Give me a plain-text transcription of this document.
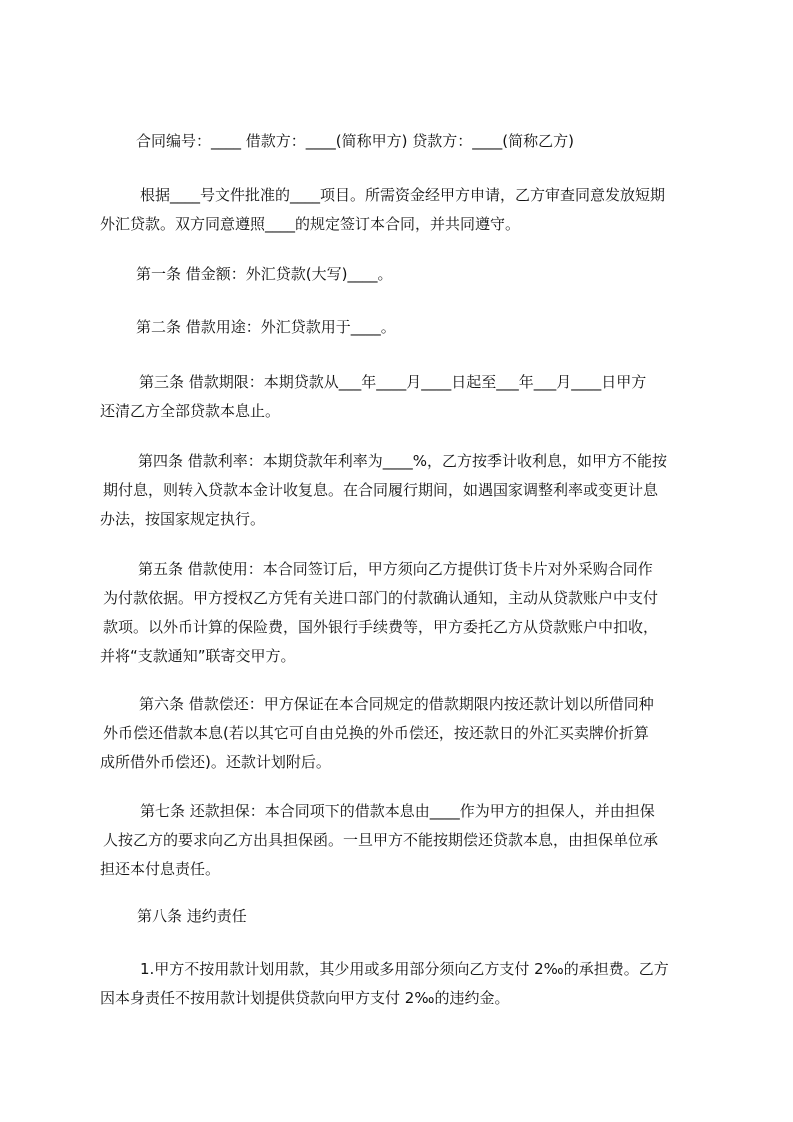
合同编号：____ 借款方：____(简称甲方) 贷款方：____(简称乙方)
根据____号文件批准的____项目。所需资金经甲方申请，乙方审查同意发放短期
外汇贷款。双方同意遵照____的规定签订本合同，并共同遵守。
第一条 借金额：外汇贷款(大写)____。
第二条 借款用途：外汇贷款用于____。
第三条 借款期限：本期贷款从___年____月____日起至___年___月____日甲方
还清乙方全部贷款本息止。
第四条 借款利率：本期贷款年利率为____%，乙方按季计收利息，如甲方不能按
期付息，则转入贷款本金计收复息。在合同履行期间，如遇国家调整利率或变更计息
办法，按国家规定执行。
第五条 借款使用：本合同签订后，甲方须向乙方提供订货卡片对外采购合同作
为付款依据。甲方授权乙方凭有关进口部门的付款确认通知，主动从贷款账户中支付
款项。以外币计算的保险费，国外银行手续费等，甲方委托乙方从贷款账户中扣收，
并将“支款通知”联寄交甲方。
第六条 借款偿还：甲方保证在本合同规定的借款期限内按还款计划以所借同种
外币偿还借款本息(若以其它可自由兑换的外币偿还，按还款日的外汇买卖牌价折算
成所借外币偿还)。还款计划附后。
第七条 还款担保：本合同项下的借款本息由____作为甲方的担保人，并由担保
人按乙方的要求向乙方出具担保函。一旦甲方不能按期偿还贷款本息，由担保单位承
担还本付息责任。
第八条 违约责任
1.甲方不按用款计划用款，其少用或多用部分须向乙方支付 2‰的承担费。乙方
因本身责任不按用款计划提供贷款向甲方支付 2‰的违约金。
